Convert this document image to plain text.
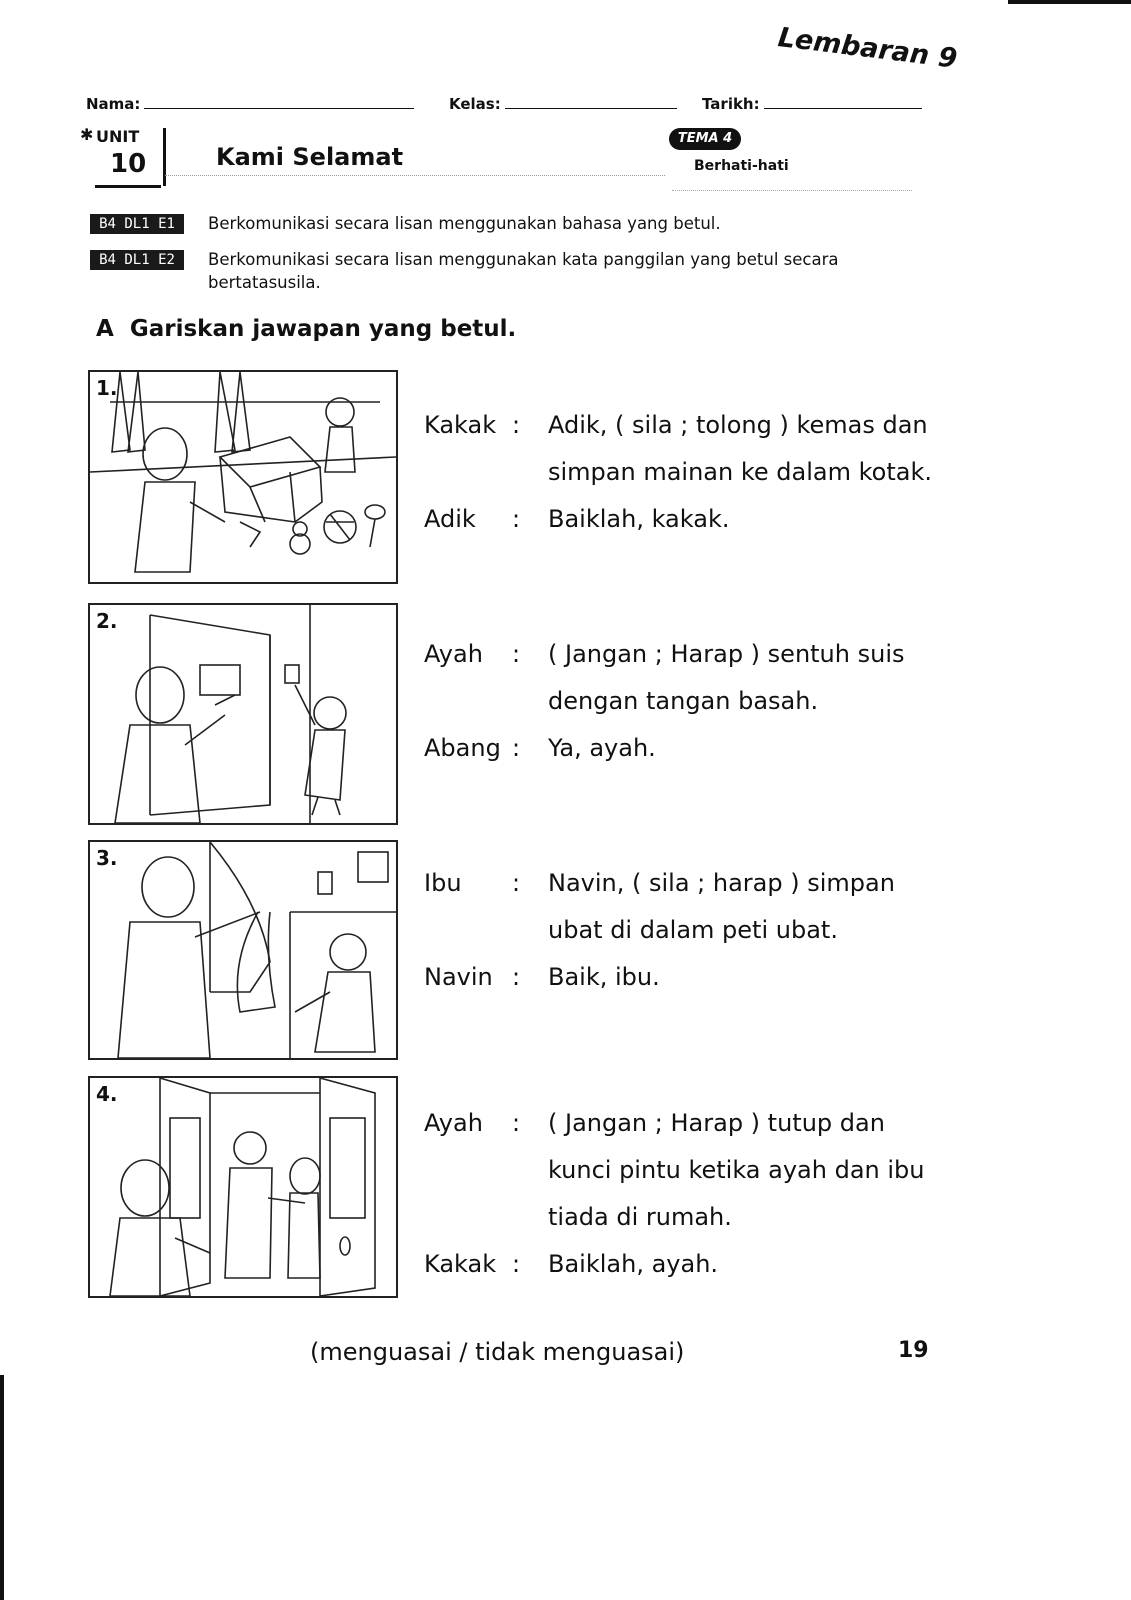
Lembaran 9
Nama:	Kelas:	Tarikh:
✱ UNIT
10	Kami Selamat
TEMA 4
Berhati-hati
B4 DL1 E1	Berkomunikasi secara lisan menggunakan bahasa yang betul.
B4 DL1 E2	Berkomunikasi secara lisan menggunakan kata panggilan yang betul secara bertatasusila.
A Gariskan jawapan yang betul.
1.
Kakak : Adik, ( sila ; tolong ) kemas dan
simpan mainan ke dalam kotak.
Adik : Baiklah, kakak.
2.
Ayah : ( Jangan ; Harap ) sentuh suis
dengan tangan basah.
Abang : Ya, ayah.
3.
Ibu : Navin, ( sila ; harap ) simpan
ubat di dalam peti ubat.
Navin : Baik, ibu.
4.
Ayah : ( Jangan ; Harap ) tutup dan
kunci pintu ketika ayah dan ibu
tiada di rumah.
Kakak : Baiklah, ayah.
(menguasai / tidak menguasai)	19
